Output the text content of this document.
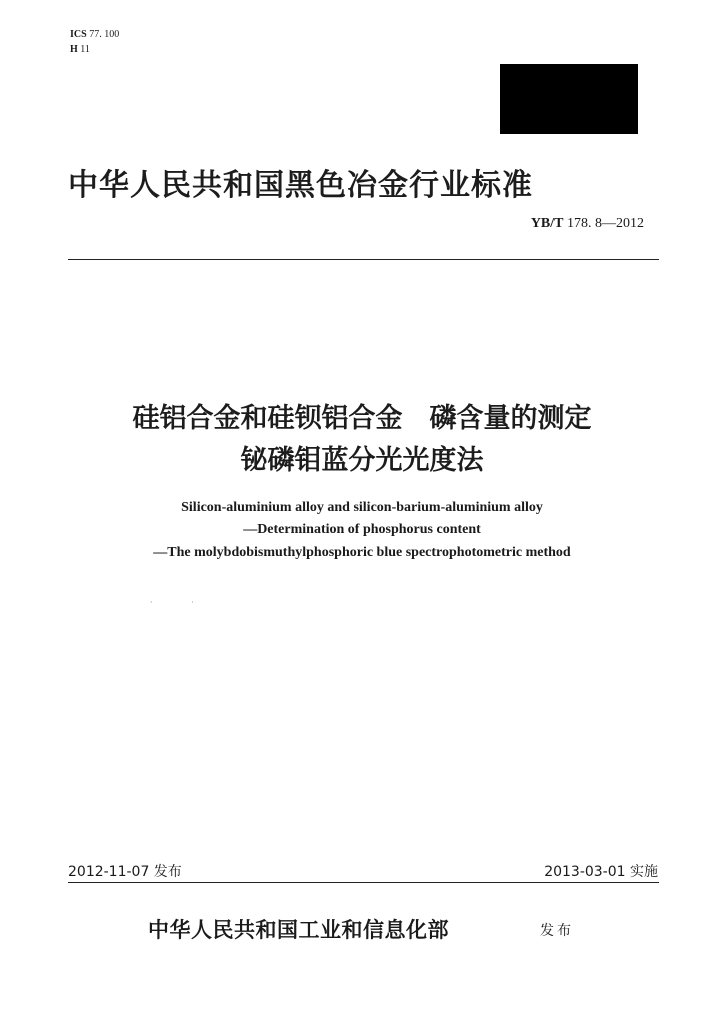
ICS 77. 100
H 11
中华人民共和国黑色冶金行业标准
YB/T 178. 8—2012
硅铝合金和硅钡铝合金　磷含量的测定
铋磷钼蓝分光光度法
Silicon-aluminium alloy and silicon-barium-aluminium alloy
—Determination of phosphorus content
—The molybdobismuthylphosphoric blue spectrophotometric method
· ·
2012-11-07 发布	2013-03-01 实施
中华人民共和国工业和信息化部	发布
